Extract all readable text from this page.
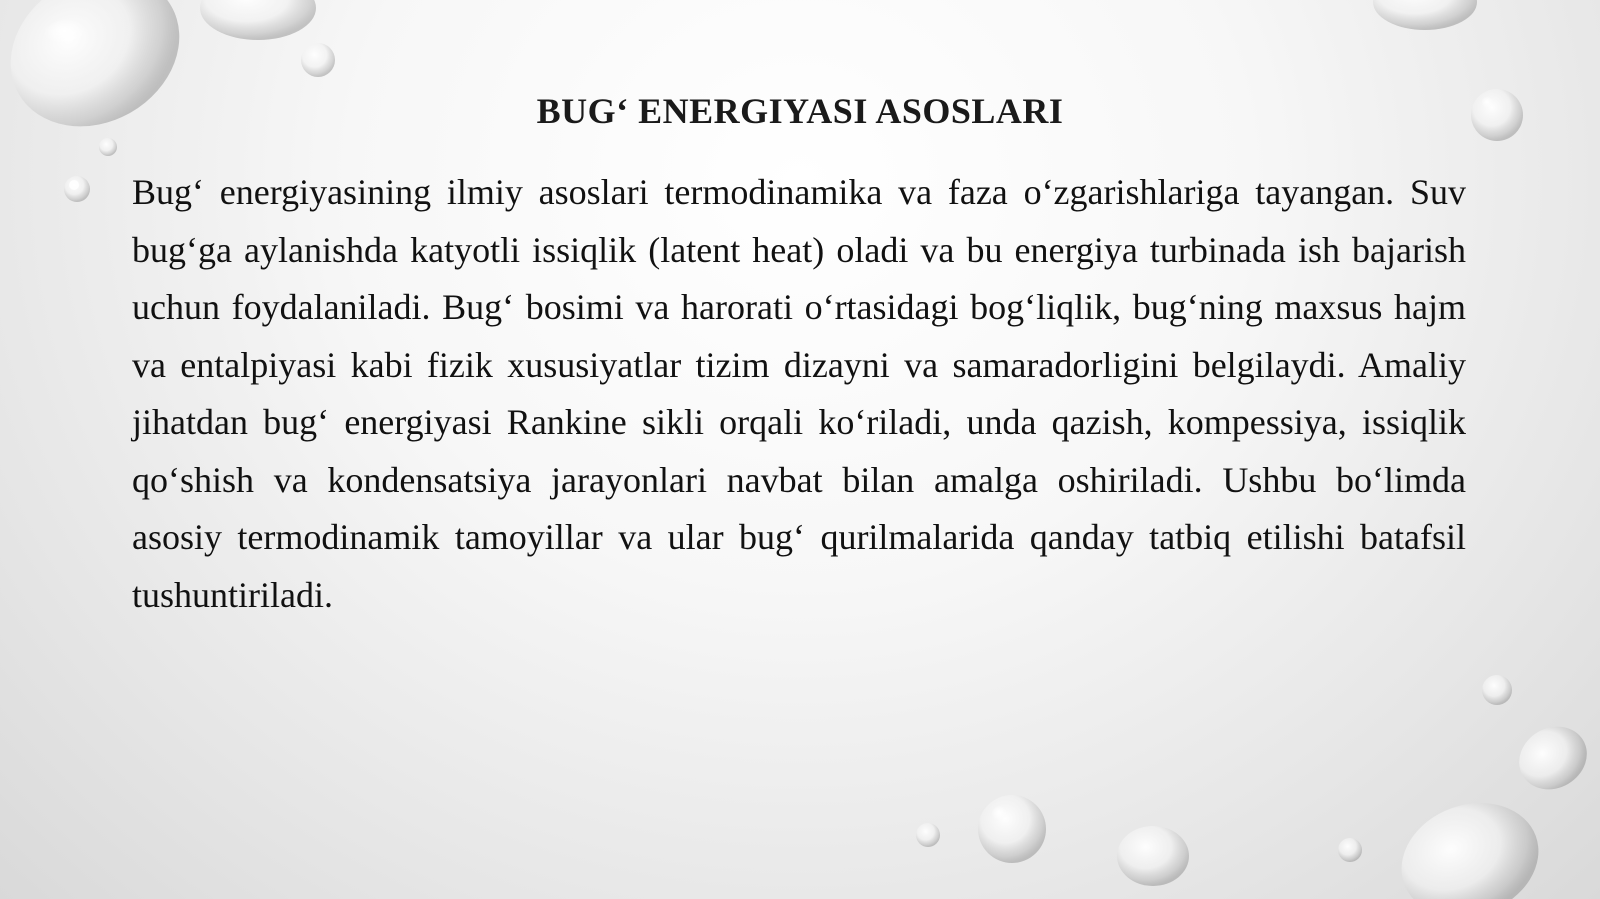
BUG‘ ENERGIYASI ASOSLARI

Bug‘ energiyasining ilmiy asoslari termodinamika va faza o‘zgarishlariga tayangan. Suv bug‘ga aylanishda katyotli issiqlik (latent heat) oladi va bu energiya turbinada ish bajarish uchun foydalaniladi. Bug‘ bosimi va harorati o‘rtasidagi bog‘liqlik, bug‘ning maxsus hajm va entalpiyasi kabi fizik xususiyatlar tizim dizayni va samaradorligini belgilaydi. Amaliy jihatdan bug‘ energiyasi Rankine sikli orqali ko‘riladi, unda qazish, kompessiya, issiqlik qo‘shish va kondensatsiya jarayonlari navbat bilan amalga oshiriladi. Ushbu bo‘limda asosiy termodinamik tamoyillar va ular bug‘ qurilmalarida qanday tatbiq etilishi batafsil tushuntiriladi.
